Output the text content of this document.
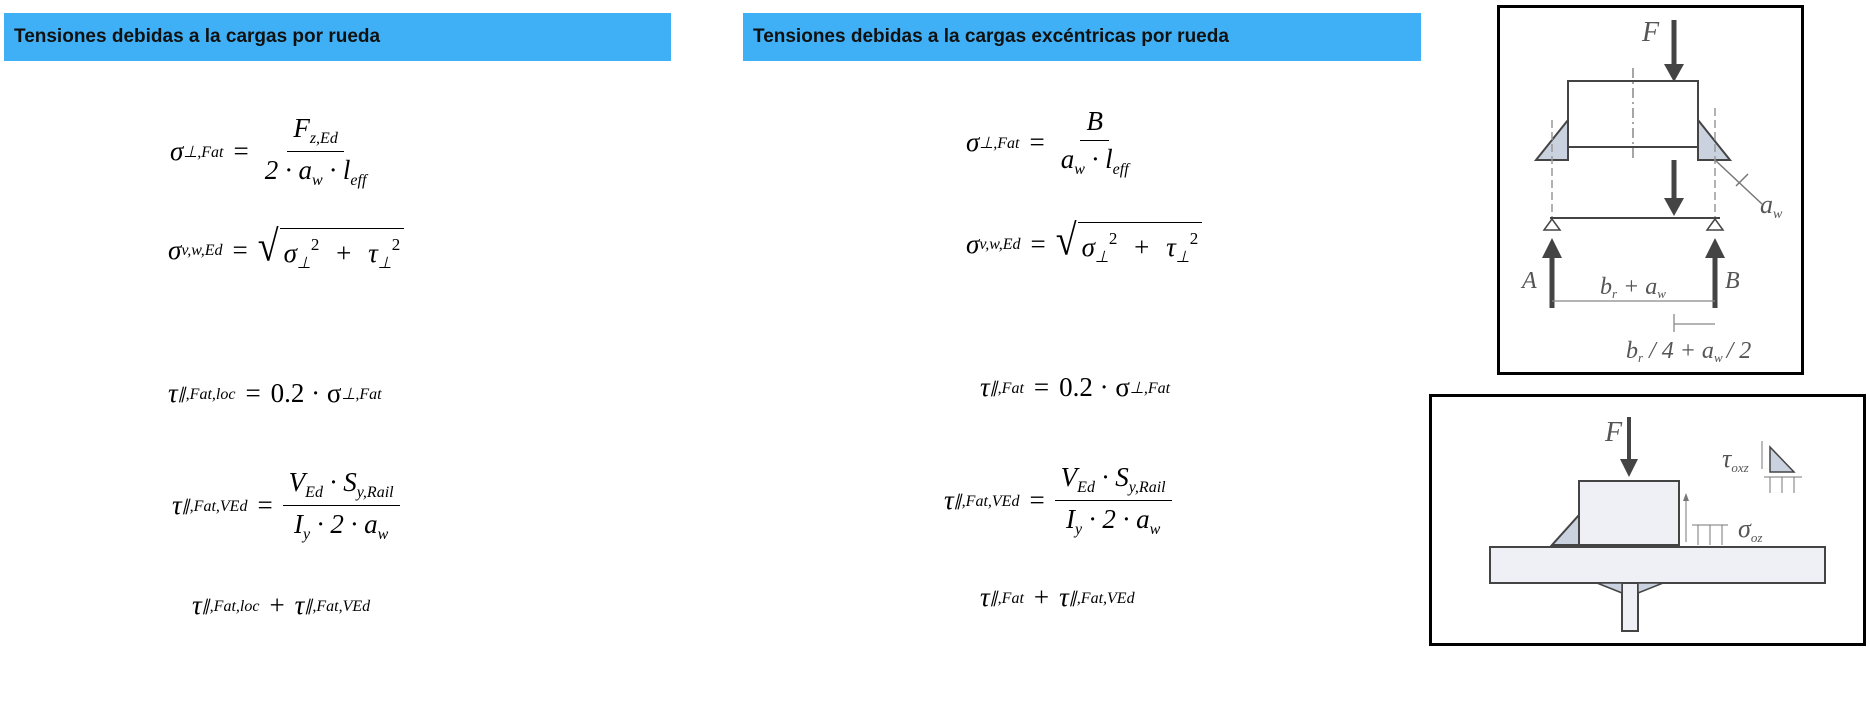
Tensiones debidas a la cargas por rueda	Tensiones debidas a la cargas excéntricas por rueda
σ ⊥,Fat = $\frac{F_{z,Ed}}{2 \cdot a_w \cdot l_{eff}}$
σ v,w,Ed = √ $\sigma_\perp^2 + \tau_\perp^2$
τ ∥,Fat,loc = 0.2 · σ ⊥,Fat
τ ∥,Fat,VEd = $\frac{V_{Ed} \cdot S_{y,Rail}}{I_y \cdot 2 \cdot a_w}$
τ ∥,Fat,loc + τ ∥,Fat,VEd
σ ⊥,Fat = $\frac{B}{a_w \cdot l_{eff}}$
σ v,w,Ed = √ $\sigma_\perp^2 + \tau_\perp^2$
τ ∥,Fat = 0.2 · σ ⊥,Fat
τ ∥,Fat,VEd = $\frac{V_{Ed} \cdot S_{y,Rail}}{I_y \cdot 2 \cdot a_w}$
τ ∥,Fat + τ ∥,Fat,VEd
F
aw
A	B
br + aw
br / 4 + aw / 2
F
σoz
τoxz
